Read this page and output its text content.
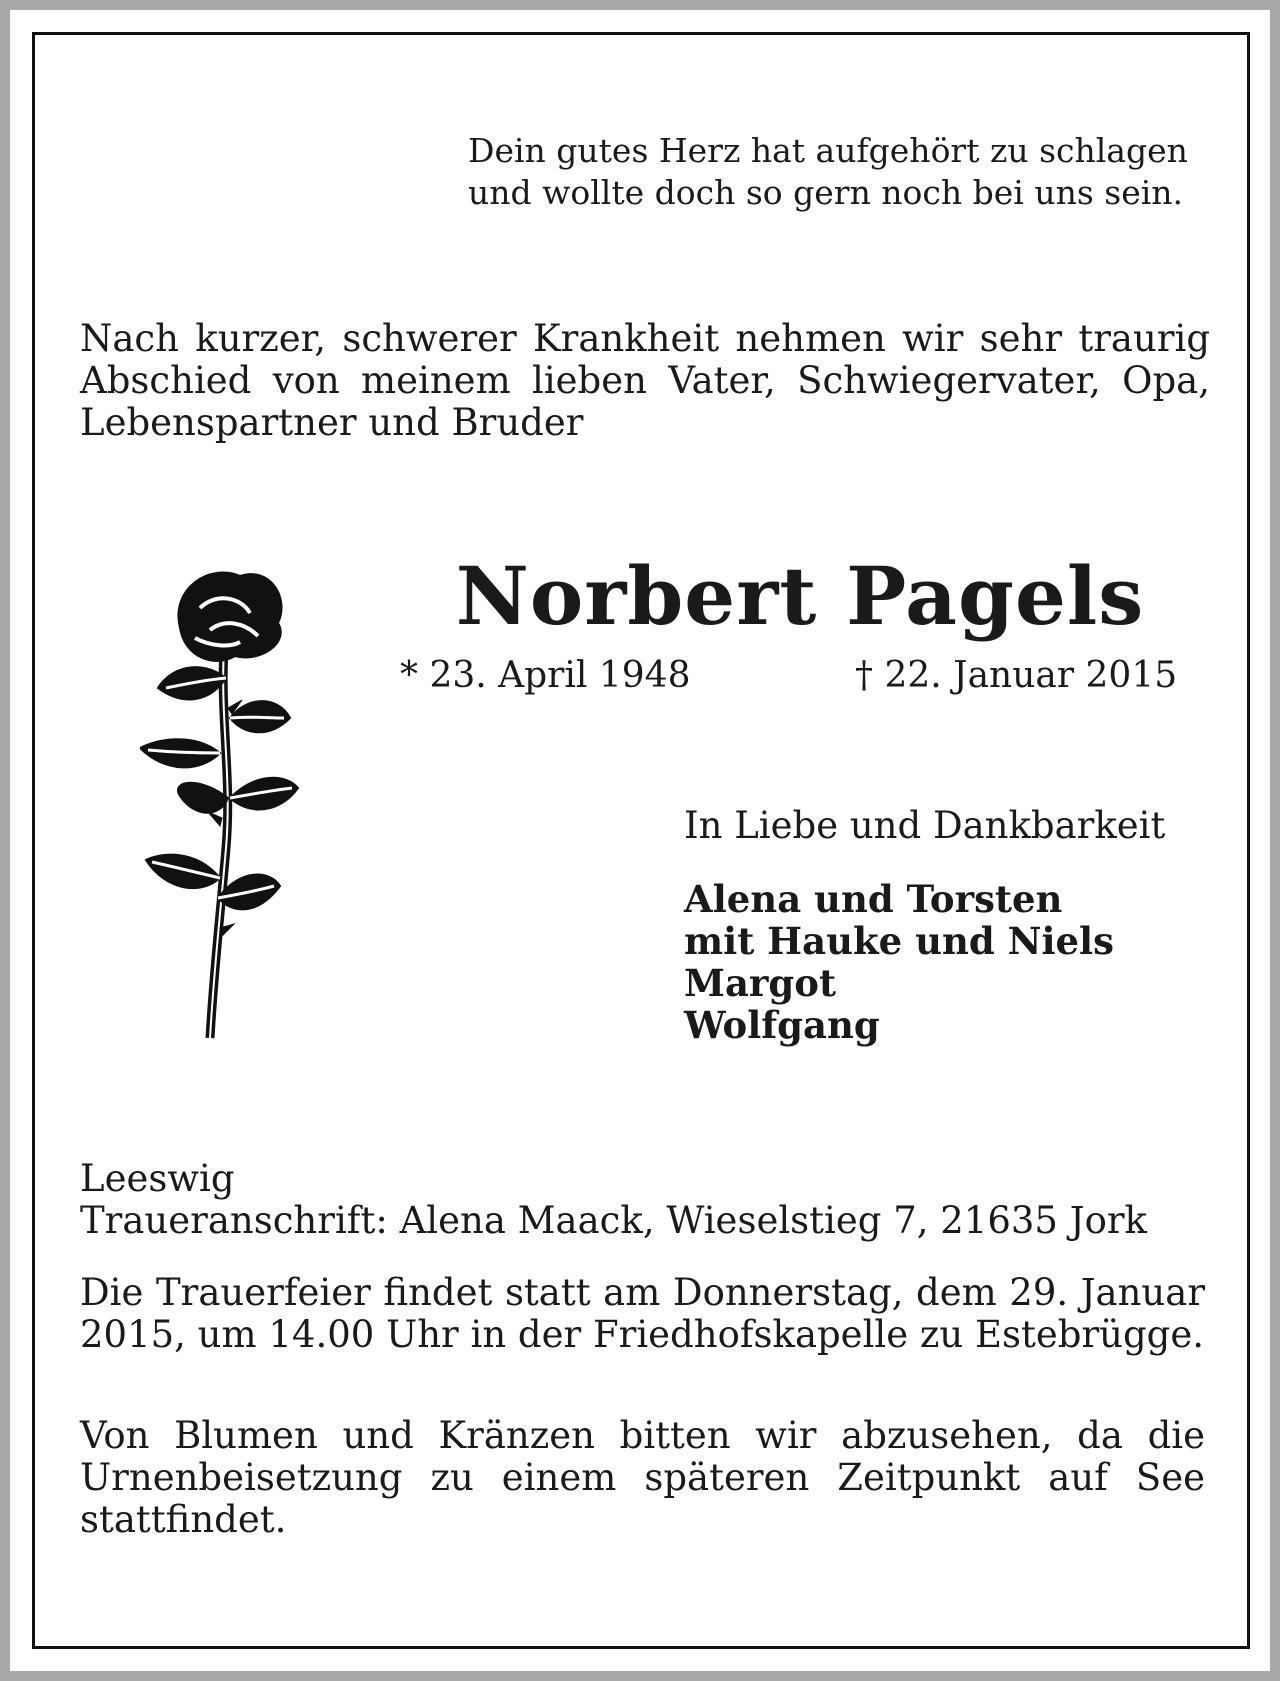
Dein gutes Herz hat aufgehört zu schlagen
und wollte doch so gern noch bei uns sein.

Nach kurzer, schwerer Krankheit nehmen wir sehr traurig Abschied von meinem lieben Vater, Schwiegervater, Opa, Lebenspartner und Bruder

Norbert Pagels
* 23. April 1948	† 22. Januar 2015
In Liebe und Dankbarkeit
Alena und Torsten
mit Hauke und Niels
Margot
Wolfgang
Leeswig
Traueranschrift: Alena Maack, Wieselstieg 7, 21635 Jork

Die Trauerfeier findet statt am Donnerstag, dem 29. Januar 2015, um 14.00 Uhr in der Friedhofskapelle zu Estebrügge.

Von Blumen und Kränzen bitten wir abzusehen, da die Urnenbeisetzung zu einem späteren Zeitpunkt auf See stattfindet.
